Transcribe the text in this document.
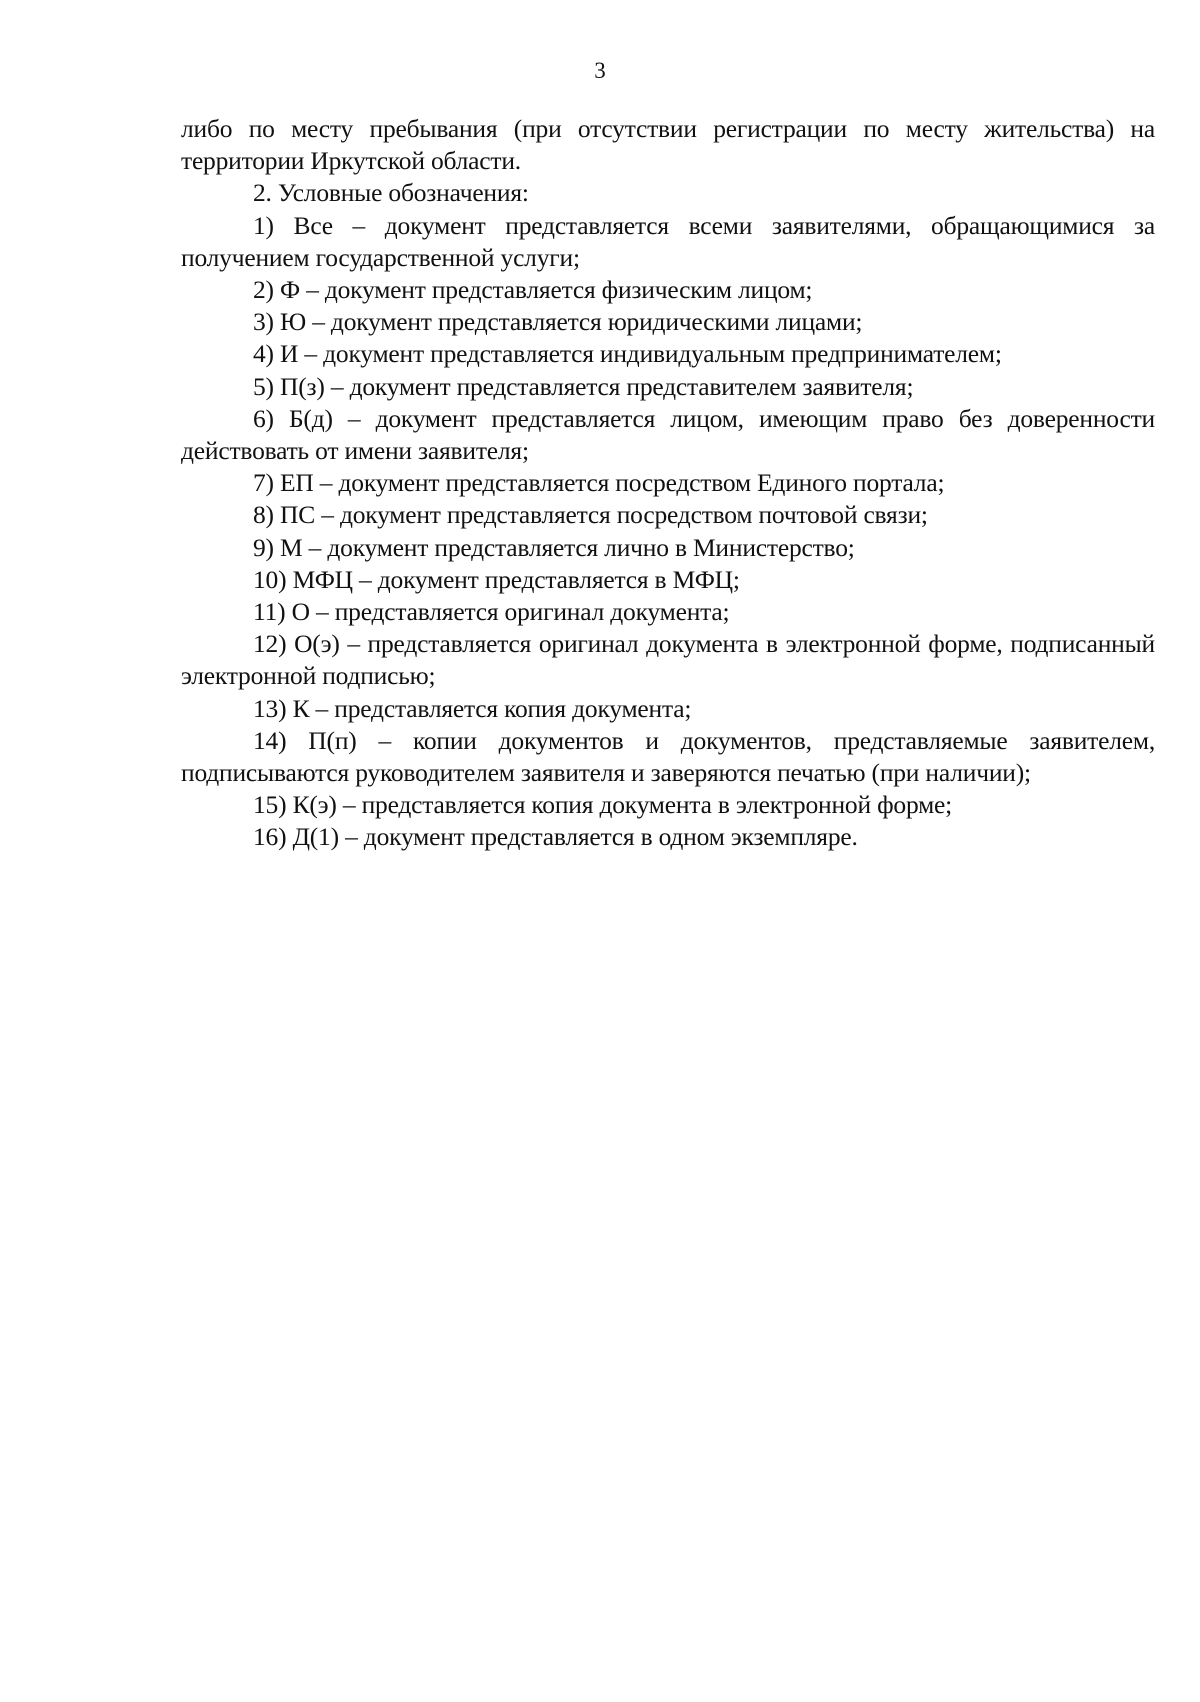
3

либо по месту пребывания (при отсутствии регистрации по месту жительства) на территории Иркутской области.

2. Условные обозначения:

1) Все – документ представляется всеми заявителями, обращающимися за получением государственной услуги;

2) Ф – документ представляется физическим лицом;

3) Ю – документ представляется юридическими лицами;

4) И – документ представляется индивидуальным предпринимателем;

5) П(з) – документ представляется представителем заявителя;

6) Б(д) – документ представляется лицом, имеющим право без доверенности действовать от имени заявителя;

7) ЕП – документ представляется посредством Единого портала;

8) ПС – документ представляется посредством почтовой связи;

9) М – документ представляется лично в Министерство;

10) МФЦ – документ представляется в МФЦ;

11) О – представляется оригинал документа;

12) О(э) – представляется оригинал документа в электронной форме, подписанный электронной подписью;

13) К – представляется копия документа;

14) П(п) – копии документов и документов, представляемые заявителем, подписываются руководителем заявителя и заверяются печатью (при наличии);

15) К(э) – представляется копия документа в электронной форме;

16) Д(1) – документ представляется в одном экземпляре.
